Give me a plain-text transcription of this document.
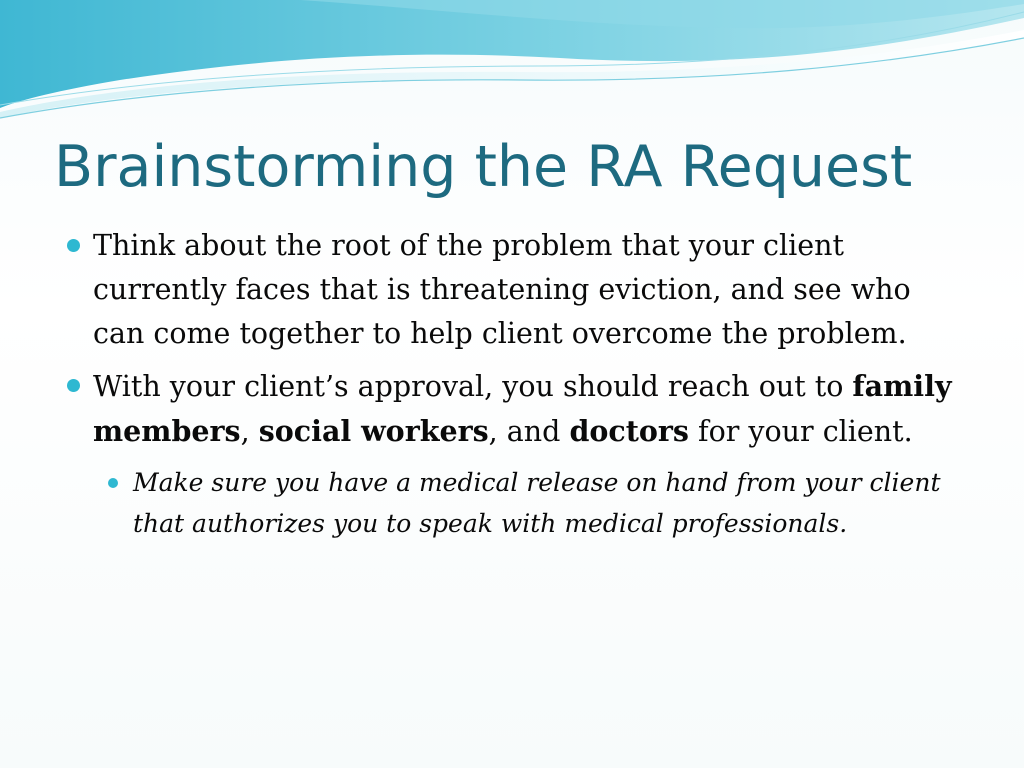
Brainstorming the RA Request
Think about the root of the problem that your client currently faces that is threatening eviction, and see who can come together to help client overcome the problem.
With your client’s approval, you should reach out to family members, social workers, and doctors for your client.
Make sure you have a medical release on hand from your client that authorizes you to speak with medical professionals.
